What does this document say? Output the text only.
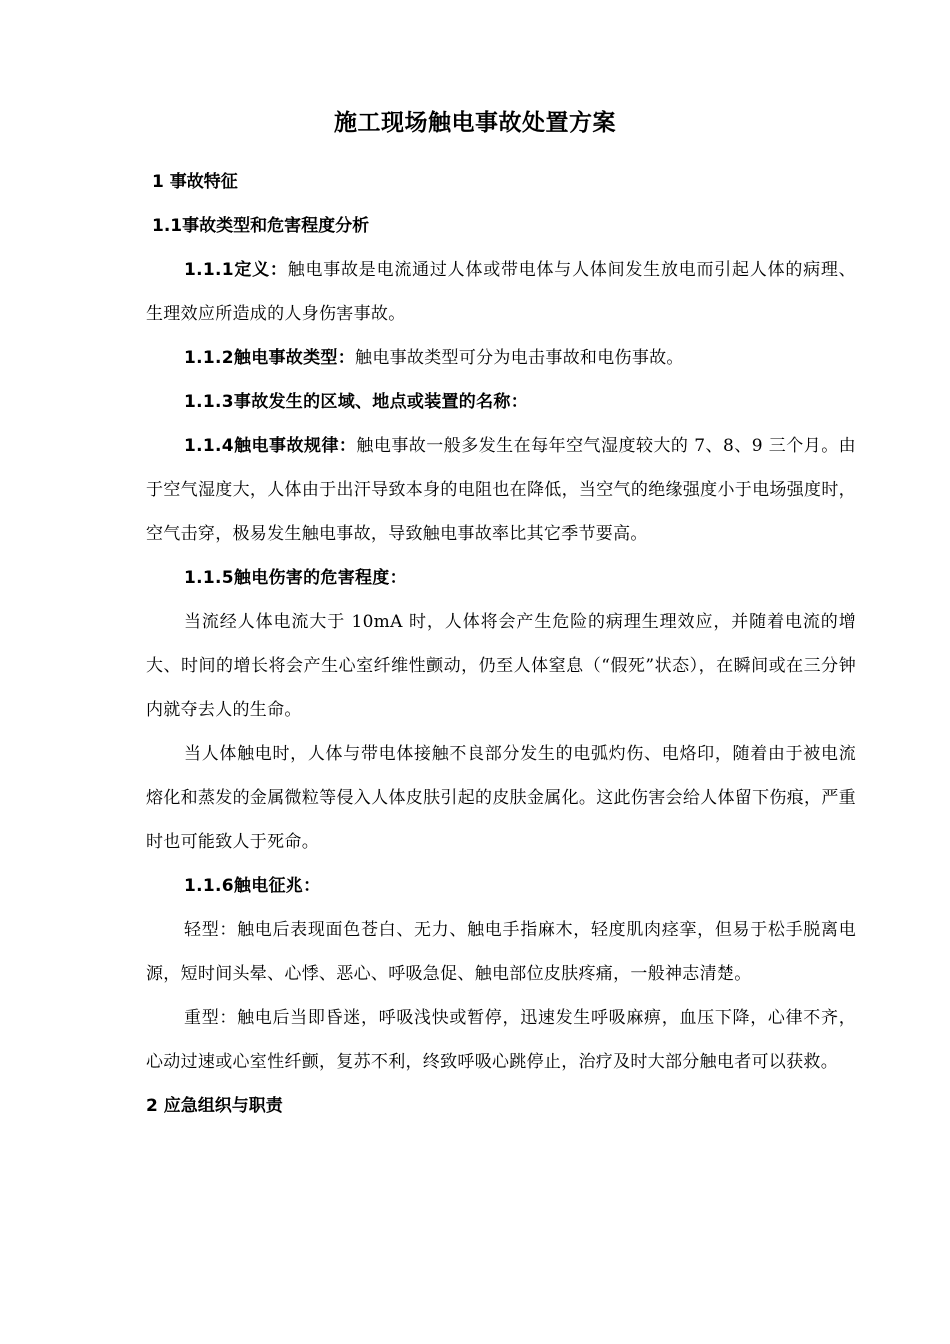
施工现场触电事故处置方案

1 事故特征

1.1事故类型和危害程度分析

1.1.1定义：触电事故是电流通过人体或带电体与人体间发生放电而引起人体的病理、生理效应所造成的人身伤害事故。

1.1.2触电事故类型：触电事故类型可分为电击事故和电伤事故。

1.1.3事故发生的区域、地点或装置的名称：

1.1.4触电事故规律：触电事故一般多发生在每年空气湿度较大的 7、8、9 三个月。由于空气湿度大，人体由于出汗导致本身的电阻也在降低，当空气的绝缘强度小于电场强度时，空气击穿，极易发生触电事故，导致触电事故率比其它季节要高。

1.1.5触电伤害的危害程度：

当流经人体电流大于 10mA 时，人体将会产生危险的病理生理效应，并随着电流的增大、时间的增长将会产生心室纤维性颤动，仍至人体窒息（“假死”状态），在瞬间或在三分钟内就夺去人的生命。

当人体触电时，人体与带电体接触不良部分发生的电弧灼伤、电烙印，随着由于被电流熔化和蒸发的金属微粒等侵入人体皮肤引起的皮肤金属化。这此伤害会给人体留下伤痕，严重时也可能致人于死命。

1.1.6触电征兆：

轻型：触电后表现面色苍白、无力、触电手指麻木，轻度肌肉痉挛，但易于松手脱离电源，短时间头晕、心悸、恶心、呼吸急促、触电部位皮肤疼痛，一般神志清楚。

重型：触电后当即昏迷，呼吸浅快或暂停，迅速发生呼吸麻痹，血压下降，心律不齐，心动过速或心室性纤颤，复苏不利，终致呼吸心跳停止，治疗及时大部分触电者可以获救。

2 应急组织与职责
